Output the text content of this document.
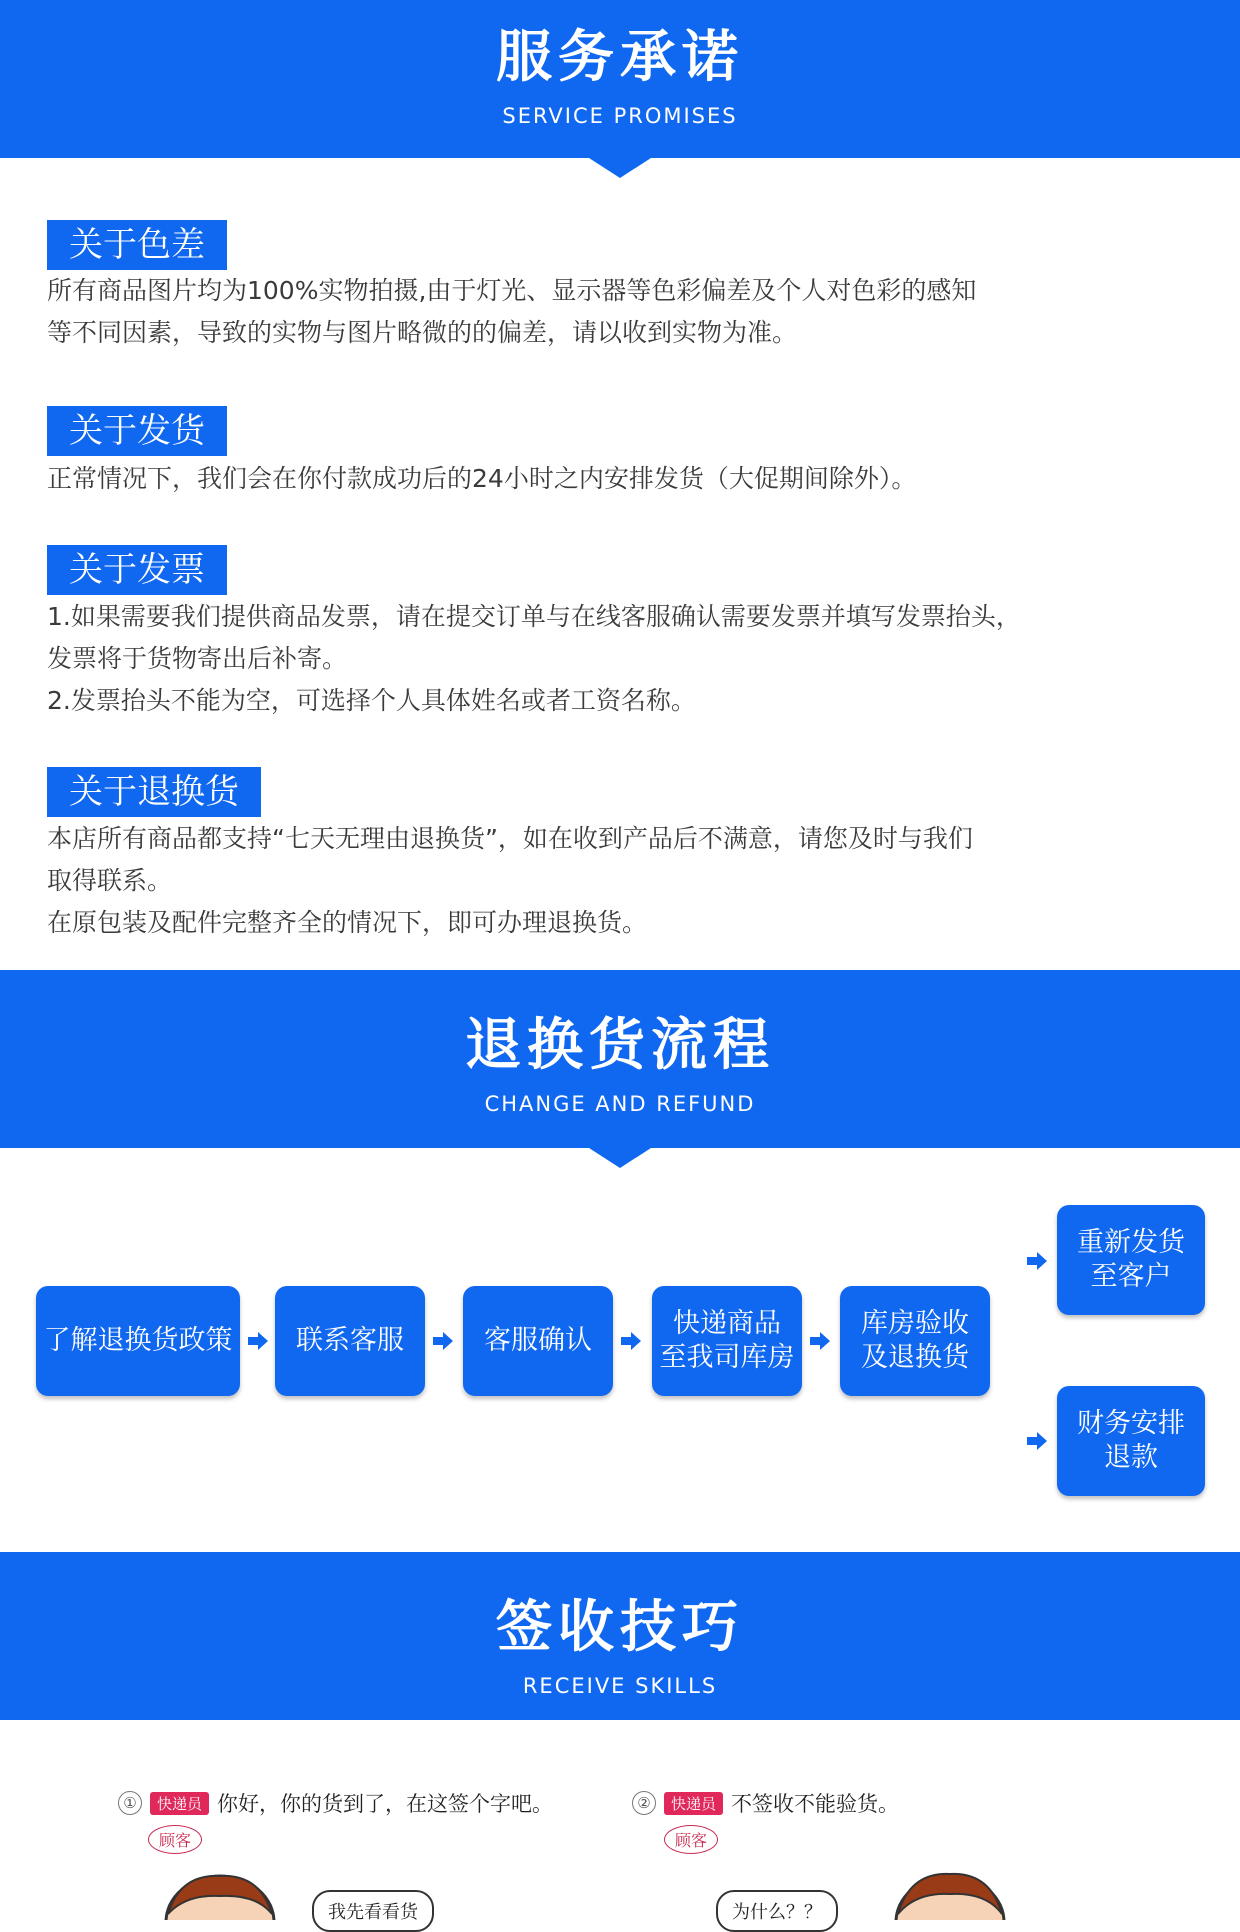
服务承诺
SERVICE PROMISES
关于色差
所有商品图片均为100%实物拍摄,由于灯光、显示器等色彩偏差及个人对色彩的感知
等不同因素，导致的实物与图片略微的的偏差，请以收到实物为准。
关于发货
正常情况下，我们会在你付款成功后的24小时之内安排发货（大促期间除外）。
关于发票
1.如果需要我们提供商品发票，请在提交订单与在线客服确认需要发票并填写发票抬头，
发票将于货物寄出后补寄。
2.发票抬头不能为空，可选择个人具体姓名或者工资名称。
关于退换货
本店所有商品都支持“七天无理由退换货”，如在收到产品后不满意，请您及时与我们
取得联系。
在原包装及配件完整齐全的情况下，即可办理退换货。
退换货流程
CHANGE AND REFUND
了解退换货政策	联系客服	客服确认
快递商品
至我司库房
库房验收
及退换货
重新发货
至客户
财务安排
退款
签收技巧
RECEIVE SKILLS
①	快递员 你好，你的货到了，在这签个字吧。
顾客
②	快递员 不签收不能验货。
顾客
我先看看货	为什么？？
